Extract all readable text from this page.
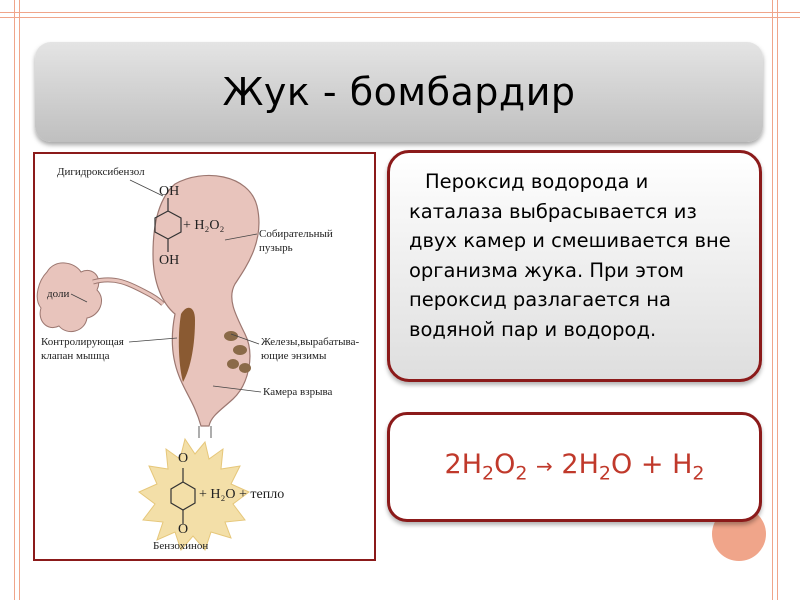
Жук - бомбардир
Дигидроксибензол
OH
+ H₂O₂
OH
Собирательный
пузырь
доли
Контролирующая
клапан мышца
Железы,вырабатыва-
ющие энзимы
Камера взрыва
O
+ H₂O + тепло
O
Бензохинон

Пероксид водорода и каталаза выбрасывается из двух камер и смешивается вне организма жука. При этом пероксид разлагается на водяной пар и водород.

$2H_2O_2 \to 2H_2O + H_2$
